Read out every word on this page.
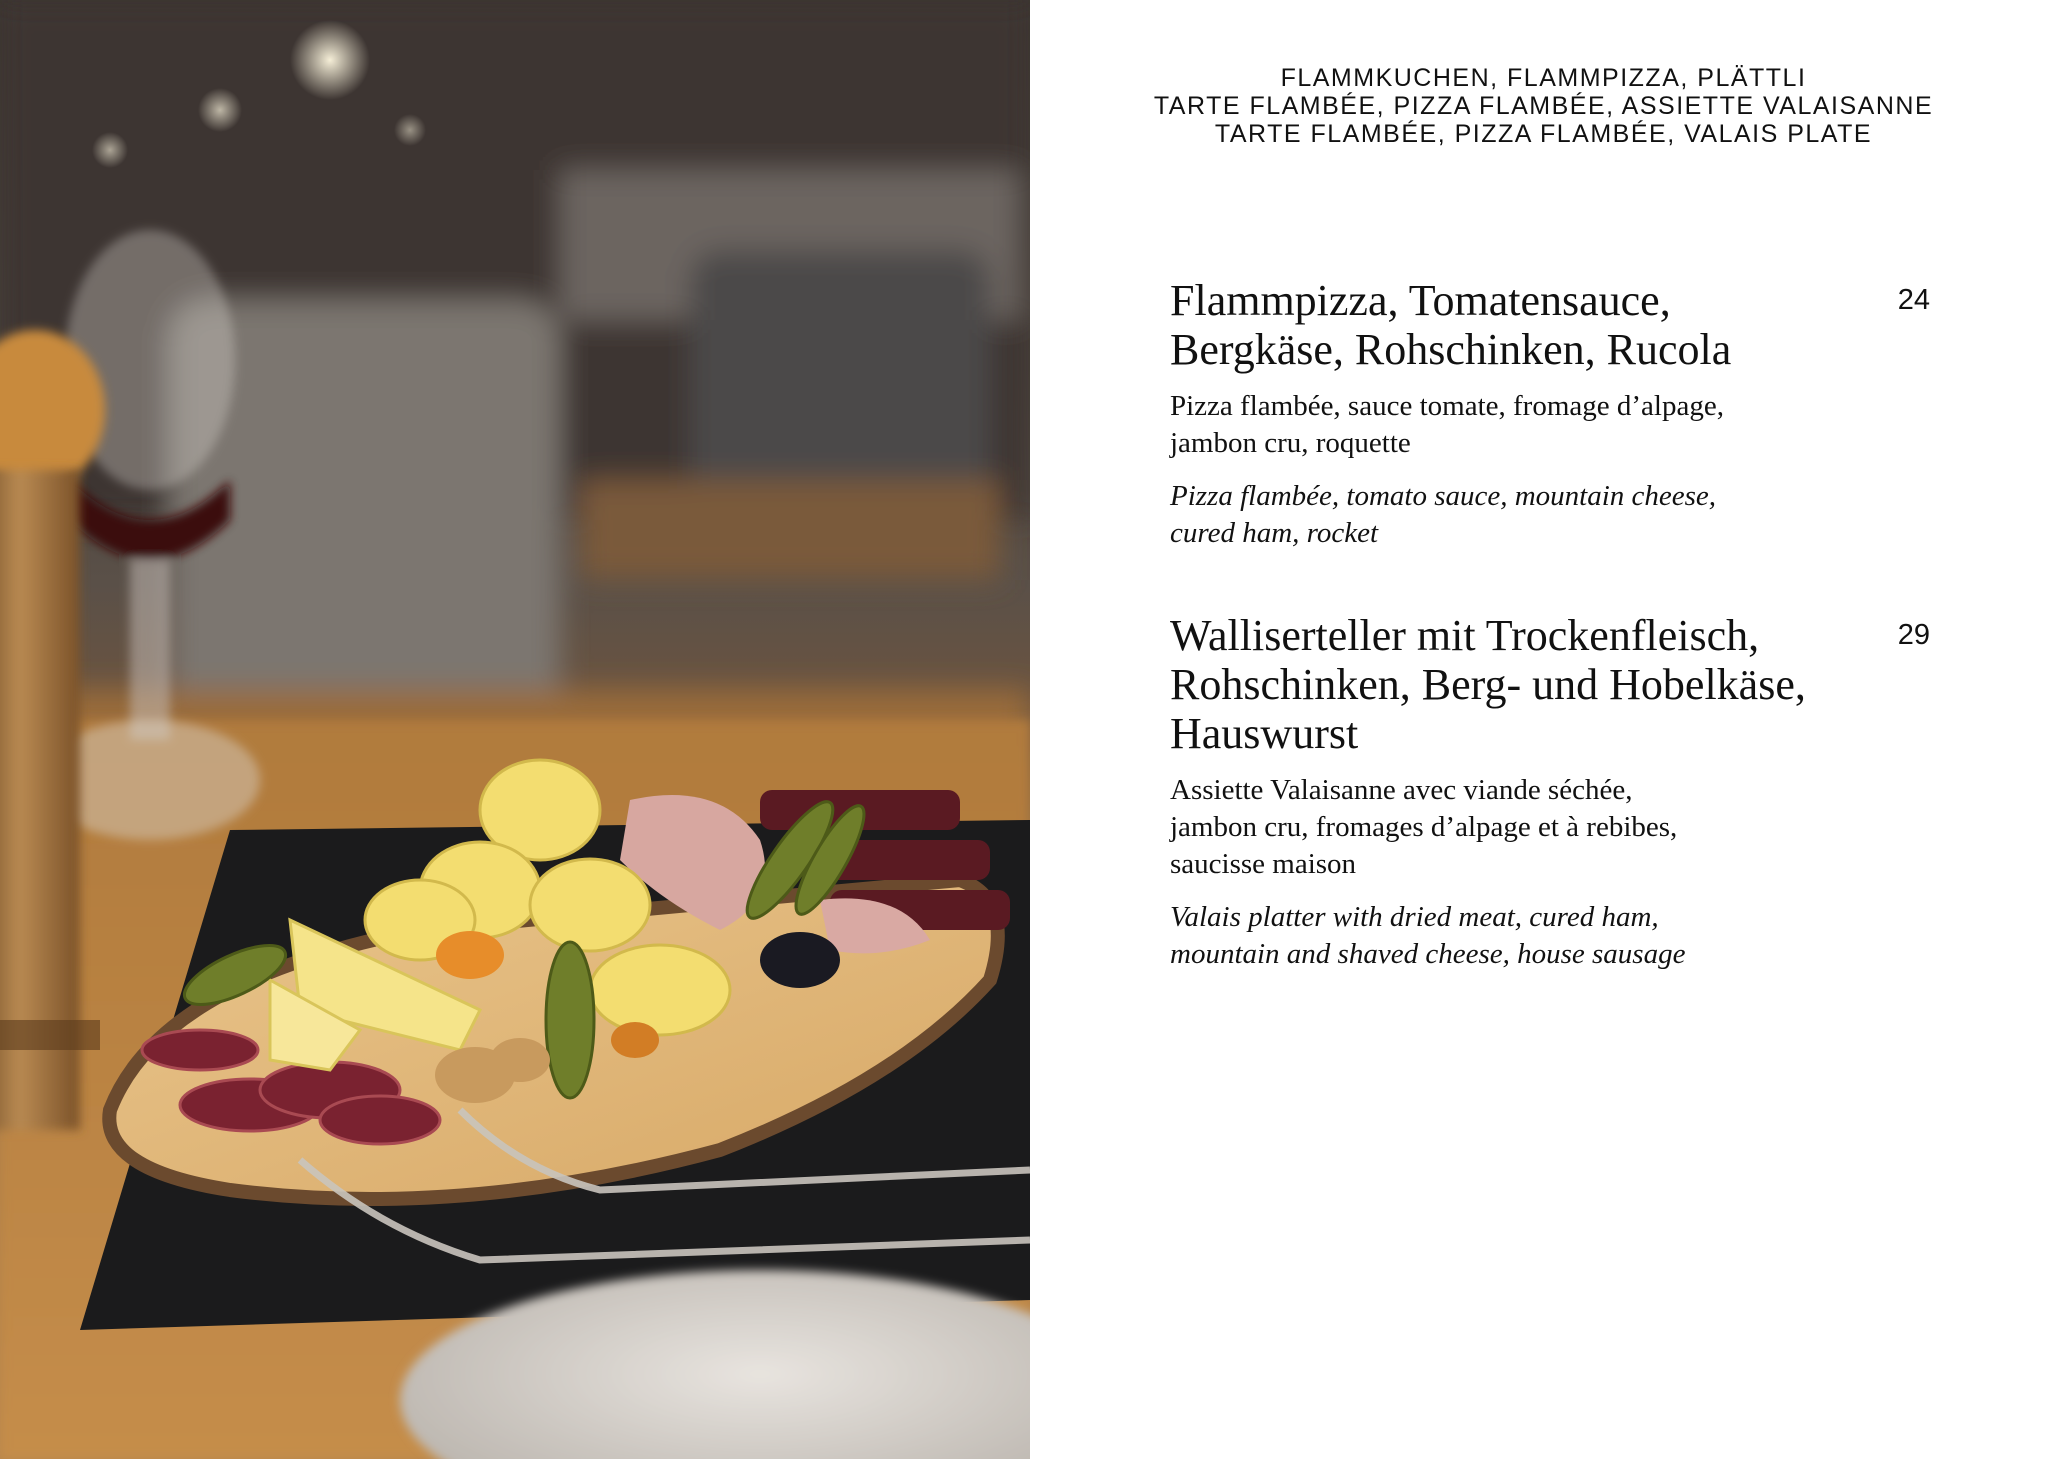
FLAMMKUCHEN, FLAMMPIZZA, PLÄTTLI
TARTE FLAMBÉE, PIZZA FLAMBÉE, ASSIETTE VALAISANNE
TARTE FLAMBÉE, PIZZA FLAMBÉE, VALAIS PLATE
Flammpizza, Tomatensauce,
Bergkäse, Rohschinken, Rucola
24
Pizza flambée, sauce tomate, fromage d’alpage,
jambon cru, roquette
Pizza flambée, tomato sauce, mountain cheese,
cured ham, rocket
Walliserteller mit Trockenfleisch,
Rohschinken, Berg- und Hobelkäse,
Hauswurst
29
Assiette Valaisanne avec viande séchée,
jambon cru, fromages d’alpage et à rebibes,
saucisse maison
Valais platter with dried meat, cured ham,
mountain and shaved cheese, house sausage
